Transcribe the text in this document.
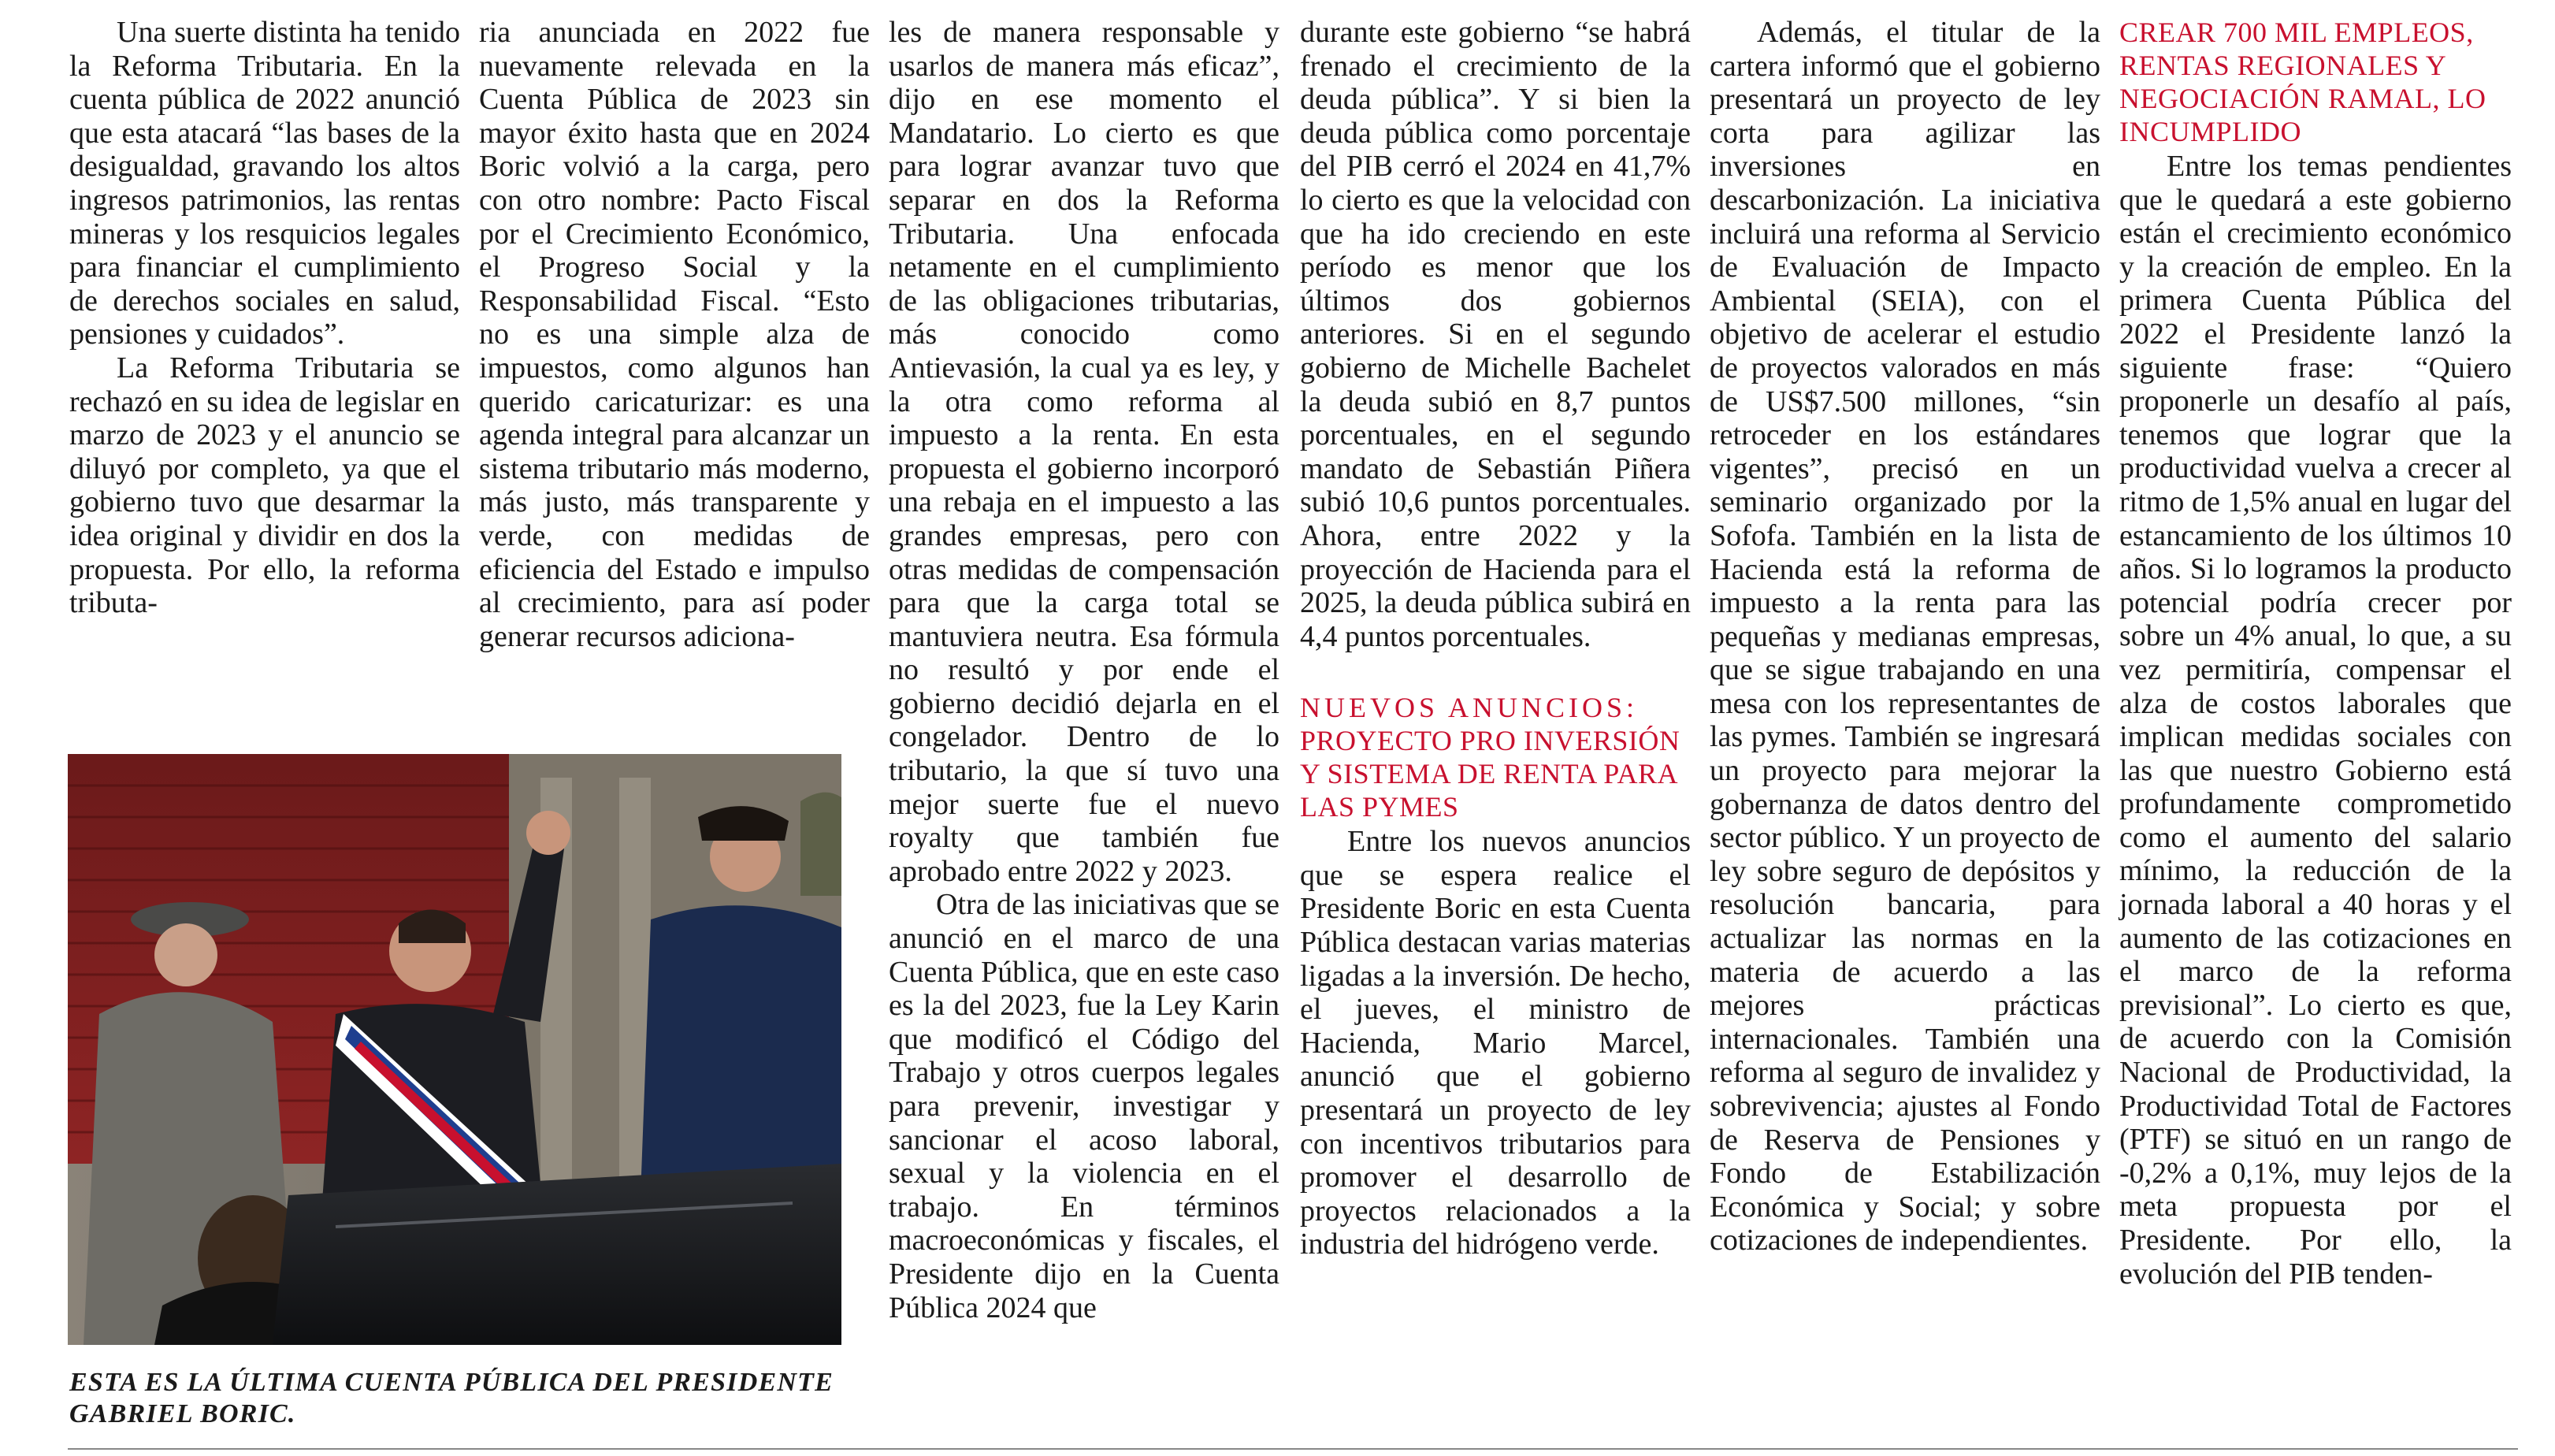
Una suerte distinta ha tenido la Reforma Tributaria. En la cuenta pública de 2022 anunció que esta atacará “las bases de la desigualdad, gravando los altos ingresos patrimonios, las rentas mineras y los resquicios legales para financiar el cumplimiento de derechos sociales en salud, pensiones y cuidados”.

La Reforma Tributaria se rechazó en su idea de legislar en marzo de 2023 y el anuncio se diluyó por completo, ya que el gobierno tuvo que desarmar la idea original y dividir en dos la propuesta. Por ello, la reforma tributa-

ria anunciada en 2022 fue nuevamente relevada en la Cuenta Pública de 2023 sin mayor éxito hasta que en 2024 Boric volvió a la carga, pero con otro nombre: Pacto Fiscal por el Crecimiento Económico, el Progreso Social y la Responsabilidad Fiscal. “Esto no es una simple alza de impuestos, como algunos han querido caricaturizar: es una agenda integral para alcanzar un sistema tributario más moderno, más justo, más transparente y verde, con medidas de eficiencia del Estado e impulso al crecimiento, para así poder generar recursos adiciona-

les de manera responsable y usarlos de manera más eficaz”, dijo en ese momento el Mandatario. Lo cierto es que para lograr avanzar tuvo que separar en dos la Reforma Tributaria. Una enfocada netamente en el cumplimiento de las obligaciones tributarias, más conocido como Antievasión, la cual ya es ley, y la otra como reforma al impuesto a la renta. En esta propuesta el gobierno incorporó una rebaja en el impuesto a las grandes empresas, pero con otras medidas de compensación para que la carga total se mantuviera neutra. Esa fórmula no resultó y por ende el gobierno decidió dejarla en el congelador. Dentro de lo tributario, la que sí tuvo una mejor suerte fue el nuevo royalty que también fue aprobado entre 2022 y 2023.

Otra de las iniciativas que se anunció en el marco de una Cuenta Pública, que en este caso es la del 2023, fue la Ley Karin que modificó el Código del Trabajo y otros cuerpos legales para prevenir, investigar y sancionar el acoso laboral, sexual y la violencia en el trabajo. En términos macroeconómicas y fiscales, el Presidente dijo en la Cuenta Pública 2024 que

durante este gobierno “se habrá frenado el crecimiento de la deuda pública”. Y si bien la deuda pública como porcentaje del PIB cerró el 2024 en 41,7% lo cierto es que la velocidad con que ha ido creciendo en este período es menor que los últimos dos gobiernos anteriores. Si en el segundo gobierno de Michelle Bachelet la deuda subió en 8,7 puntos porcentuales, en el segundo mandato de Sebastián Piñera subió 10,6 puntos porcentuales. Ahora, entre 2022 y la proyección de Hacienda para el 2025, la deuda pública subirá en 4,4 puntos porcentuales.

NUEVOS ANUNCIOS:
PROYECTO PRO INVERSIÓN
Y SISTEMA DE RENTA PARA
LAS PYMES

Entre los nuevos anuncios que se espera realice el Presidente Boric en esta Cuenta Pública destacan varias materias ligadas a la inversión. De hecho, el jueves, el ministro de Hacienda, Mario Marcel, anunció que el gobierno presentará un proyecto de ley con incentivos tributarios para promover el desarrollo de proyectos relacionados a la industria del hidrógeno verde.

Además, el titular de la cartera informó que el gobierno presentará un proyecto de ley corta para agilizar las inversiones en descarbonización. La iniciativa incluirá una reforma al Servicio de Evaluación de Impacto Ambiental (SEIA), con el objetivo de acelerar el estudio de proyectos valorados en más de US$7.500 millones, “sin retroceder en los estándares vigentes”, precisó en un seminario organizado por la Sofofa. También en la lista de Hacienda está la reforma de impuesto a la renta para las pequeñas y medianas empresas, que se sigue trabajando en una mesa con los representantes de las pymes. También se ingresará un proyecto para mejorar la gobernanza de datos dentro del sector público. Y un proyecto de ley sobre seguro de depósitos y resolución bancaria, para actualizar las normas en la materia de acuerdo a las mejores prácticas internacionales. También una reforma al seguro de invalidez y sobrevivencia; ajustes al Fondo de Reserva de Pensiones y Fondo de Estabilización Económica y Social; y sobre cotizaciones de independientes.

CREAR 700 MIL EMPLEOS,
RENTAS REGIONALES Y
NEGOCIACIÓN RAMAL, LO
INCUMPLIDO

Entre los temas pendientes que le quedará a este gobierno están el crecimiento económico y la creación de empleo. En la primera Cuenta Pública del 2022 el Presidente lanzó la siguiente frase: “Quiero proponerle un desafío al país, tenemos que lograr que la productividad vuelva a crecer al ritmo de 1,5% anual en lugar del estancamiento de los últimos 10 años. Si lo logramos la producto potencial podría crecer por sobre un 4% anual, lo que, a su vez permitiría, compensar el alza de costos laborales que implican medidas sociales con las que nuestro Gobierno está profundamente comprometido como el aumento del salario mínimo, la reducción de la jornada laboral a 40 horas y el aumento de las cotizaciones en el marco de la reforma previsional”. Lo cierto es que, de acuerdo con la Comisión Nacional de Productividad, la Productividad Total de Factores (PTF) se situó en un rango de -0,2% a 0,1%, muy lejos de la meta propuesta por el Presidente. Por ello, la evolución del PIB tenden-

ESTA ES LA ÚLTIMA CUENTA PÚBLICA DEL PRESIDENTE
GABRIEL BORIC.
